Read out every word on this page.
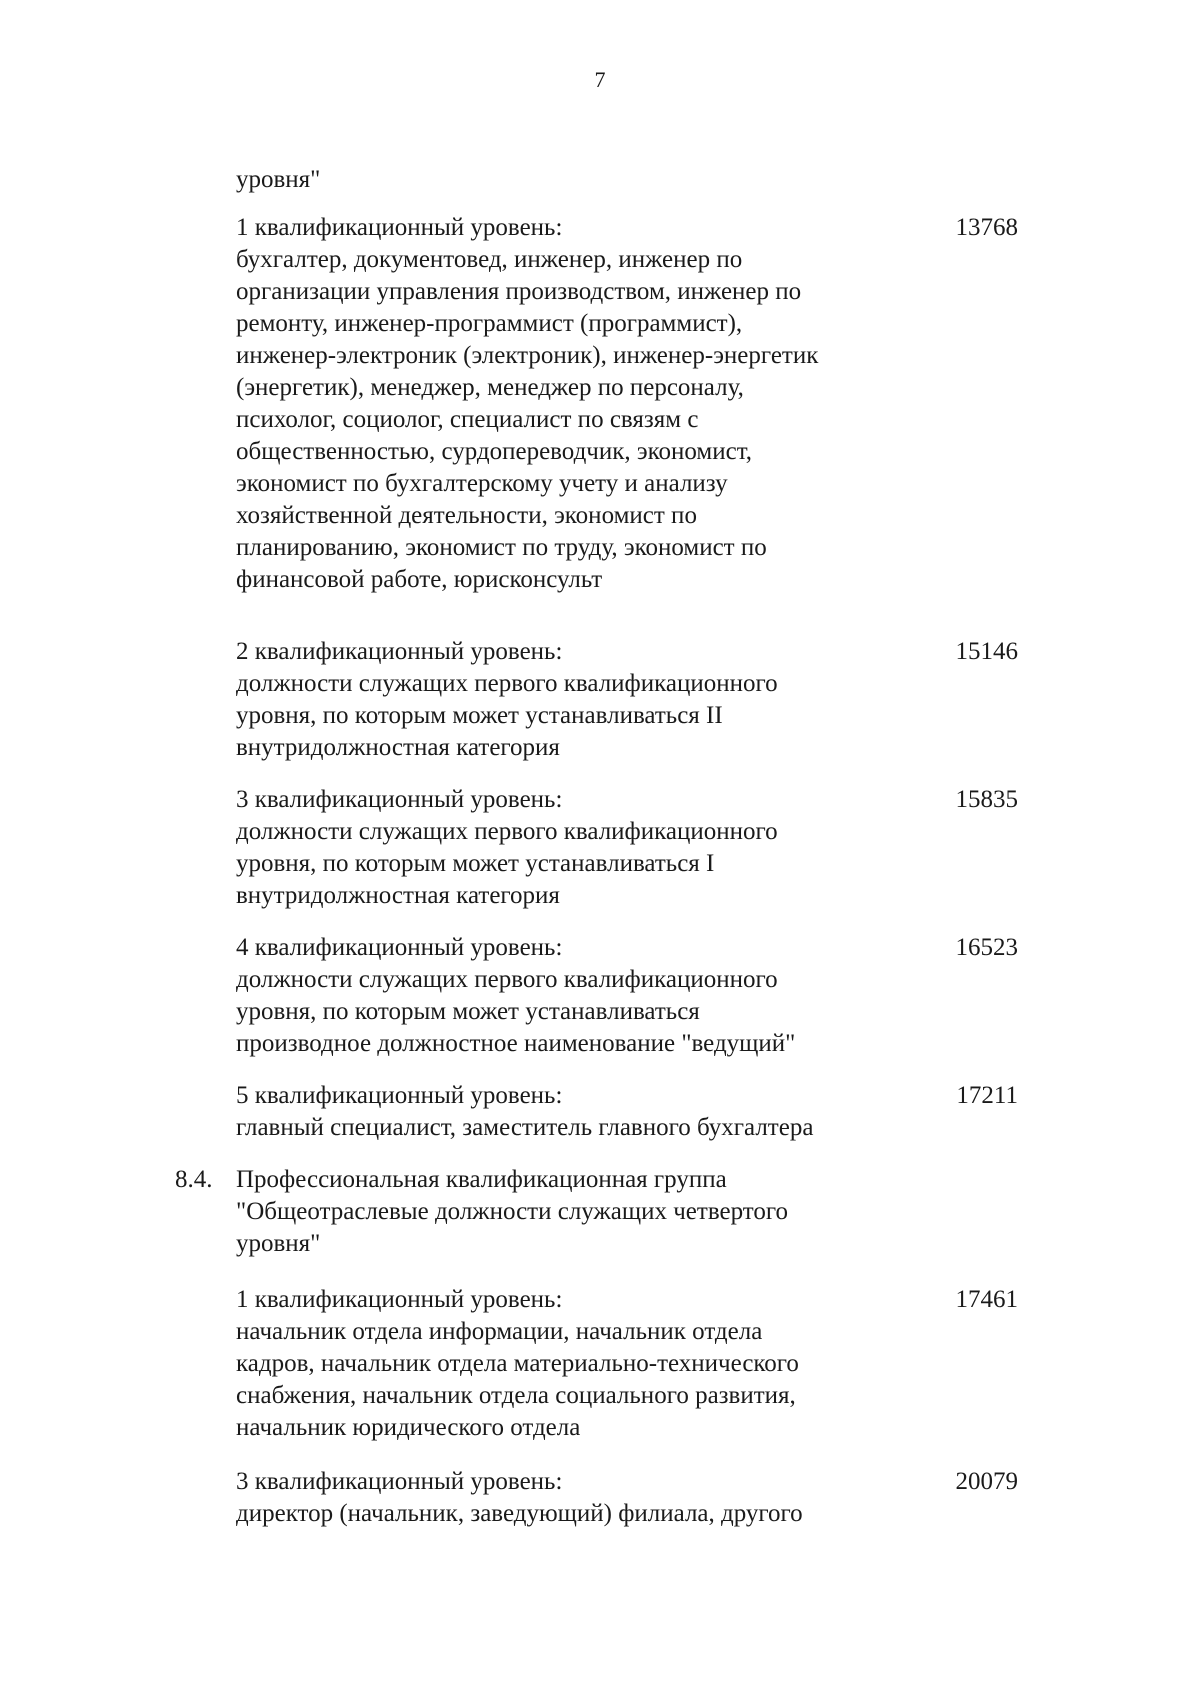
7
уровня"
1 квалификационный уровень:	13768
бухгалтер, документовед, инженер, инженер по
организации управления производством, инженер по
ремонту, инженер-программист (программист),
инженер-электроник (электроник), инженер-энергетик
(энергетик), менеджер, менеджер по персоналу,
психолог, социолог, специалист по связям с
общественностью, сурдопереводчик, экономист,
экономист по бухгалтерскому учету и анализу
хозяйственной деятельности, экономист по
планированию, экономист по труду, экономист по
финансовой работе, юрисконсульт
2 квалификационный уровень:	15146
должности служащих первого квалификационного
уровня, по которым может устанавливаться II
внутридолжностная категория
3 квалификационный уровень:	15835
должности служащих первого квалификационного
уровня, по которым может устанавливаться I
внутридолжностная категория
4 квалификационный уровень:	16523
должности служащих первого квалификационного
уровня, по которым может устанавливаться
производное должностное наименование "ведущий"
5 квалификационный уровень:	17211
главный специалист, заместитель главного бухгалтера
8.4. Профессиональная квалификационная группа
"Общеотраслевые должности служащих четвертого
уровня"
1 квалификационный уровень:	17461
начальник отдела информации, начальник отдела
кадров, начальник отдела материально-технического
снабжения, начальник отдела социального развития,
начальник юридического отдела
3 квалификационный уровень:	20079
директор (начальник, заведующий) филиала, другого
